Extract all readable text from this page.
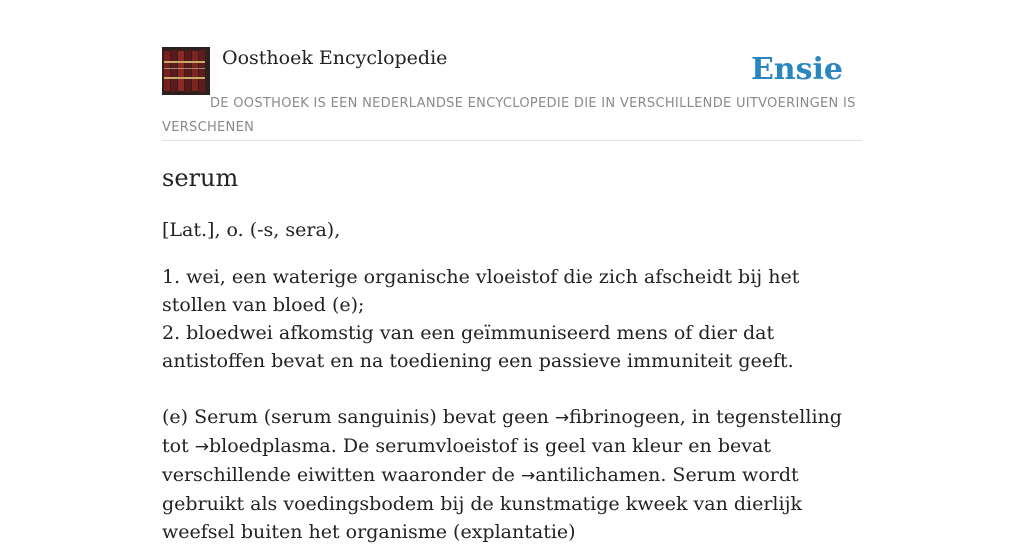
Oosthoek Encyclopedie	Ensie
DE OOSTHOEK IS EEN NEDERLANDSE ENCYCLOPEDIE DIE IN VERSCHILLENDE UITVOERINGEN IS VERSCHENEN
serum

[Lat.], o. (-s, sera),

1. wei, een waterige organische vloeistof die zich afscheidt bij het stollen van bloed (e);
2. bloedwei afkomstig van een geïmmuniseerd mens of dier dat antistoffen bevat en na toediening een passieve immuniteit geeft.

(e) Serum (serum sanguinis) bevat geen →fibrinogeen, in tegenstelling tot →bloedplasma. De serumvloeistof is geel van kleur en bevat verschillende eiwitten waaronder de →antilichamen. Serum wordt gebruikt als voedingsbodem bij de kunstmatige kweek van dierlijk weefsel buiten het organisme (explantatie)
